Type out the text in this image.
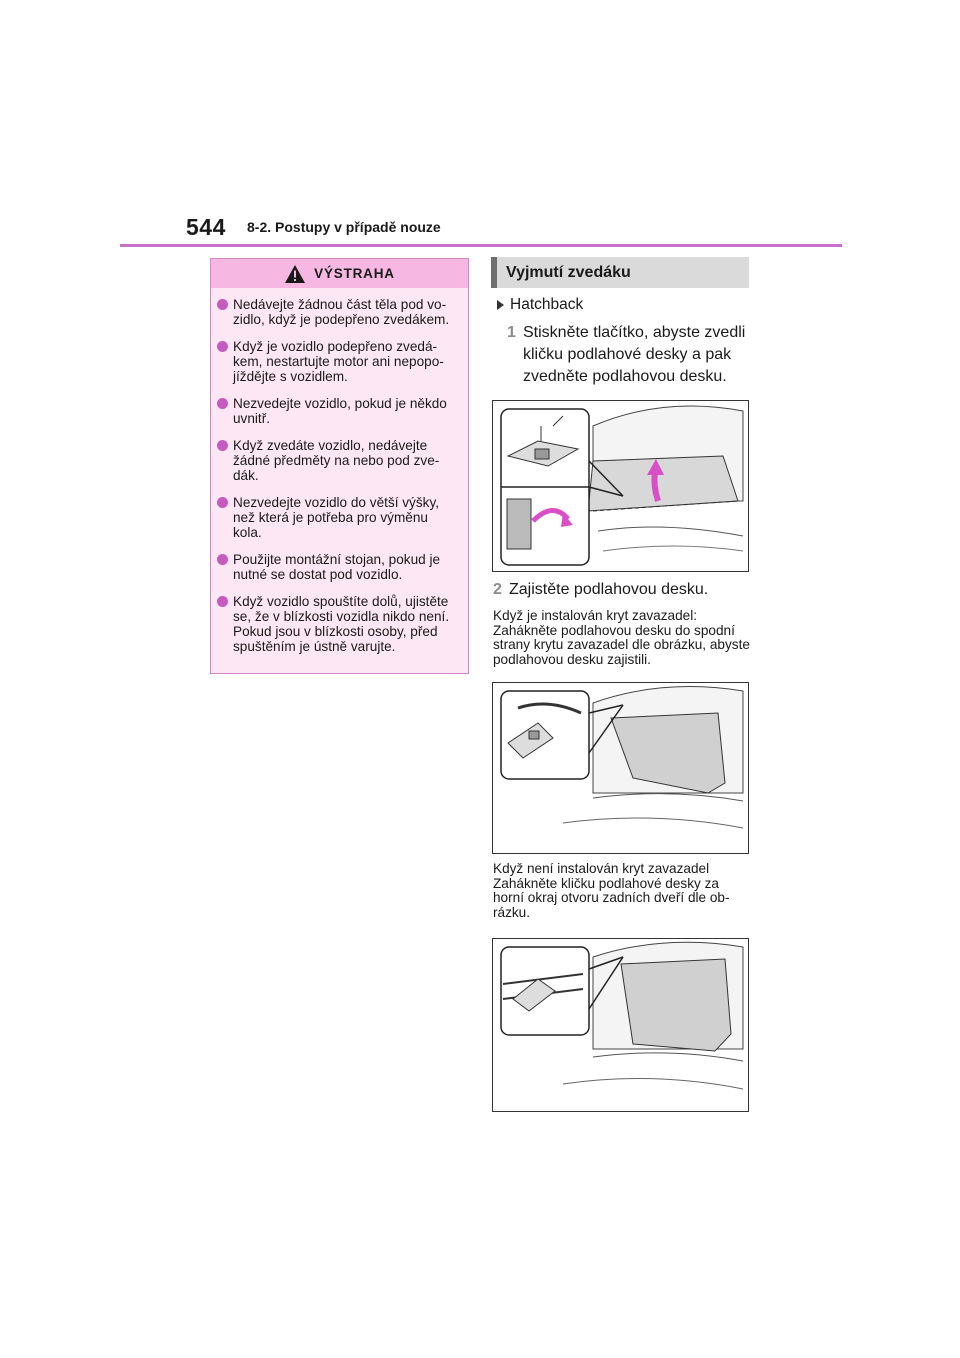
544 8-2. Postupy v případě nouze
VÝSTRAHA
Nedávejte žádnou část těla pod vo-zidlo, když je podepřeno zvedákem.
Když je vozidlo podepřeno zvedá-kem, nestartujte motor ani nepopo-jíždějte s vozidlem.
Nezvedejte vozidlo, pokud je někdo uvnitř.
Když zvedáte vozidlo, nedávejte žádné předměty na nebo pod zve-dák.
Nezvedejte vozidlo do větší výšky, než která je potřeba pro výměnu kola.
Použijte montážní stojan, pokud je nutné se dostat pod vozidlo.
Když vozidlo spouštíte dolů, ujistěte se, že v blízkosti vozidla nikdo není. Pokud jsou v blízkosti osoby, před spuštěním je ústně varujte.
Vyjmutí zvedáku
Hatchback
1 Stiskněte tlačítko, abyste zvedli kličku podlahové desky a pak zvedněte podlahovou desku.
2 Zajistěte podlahovou desku.
Když je instalován kryt zavazadel: Zahákněte podlahovou desku do spodní strany krytu zavazadel dle obrázku, abyste podlahovou desku zajistili.
Když není instalován kryt zavazadel Zahákněte kličku podlahové desky za horní okraj otvoru zadních dveří dle ob-rázku.
